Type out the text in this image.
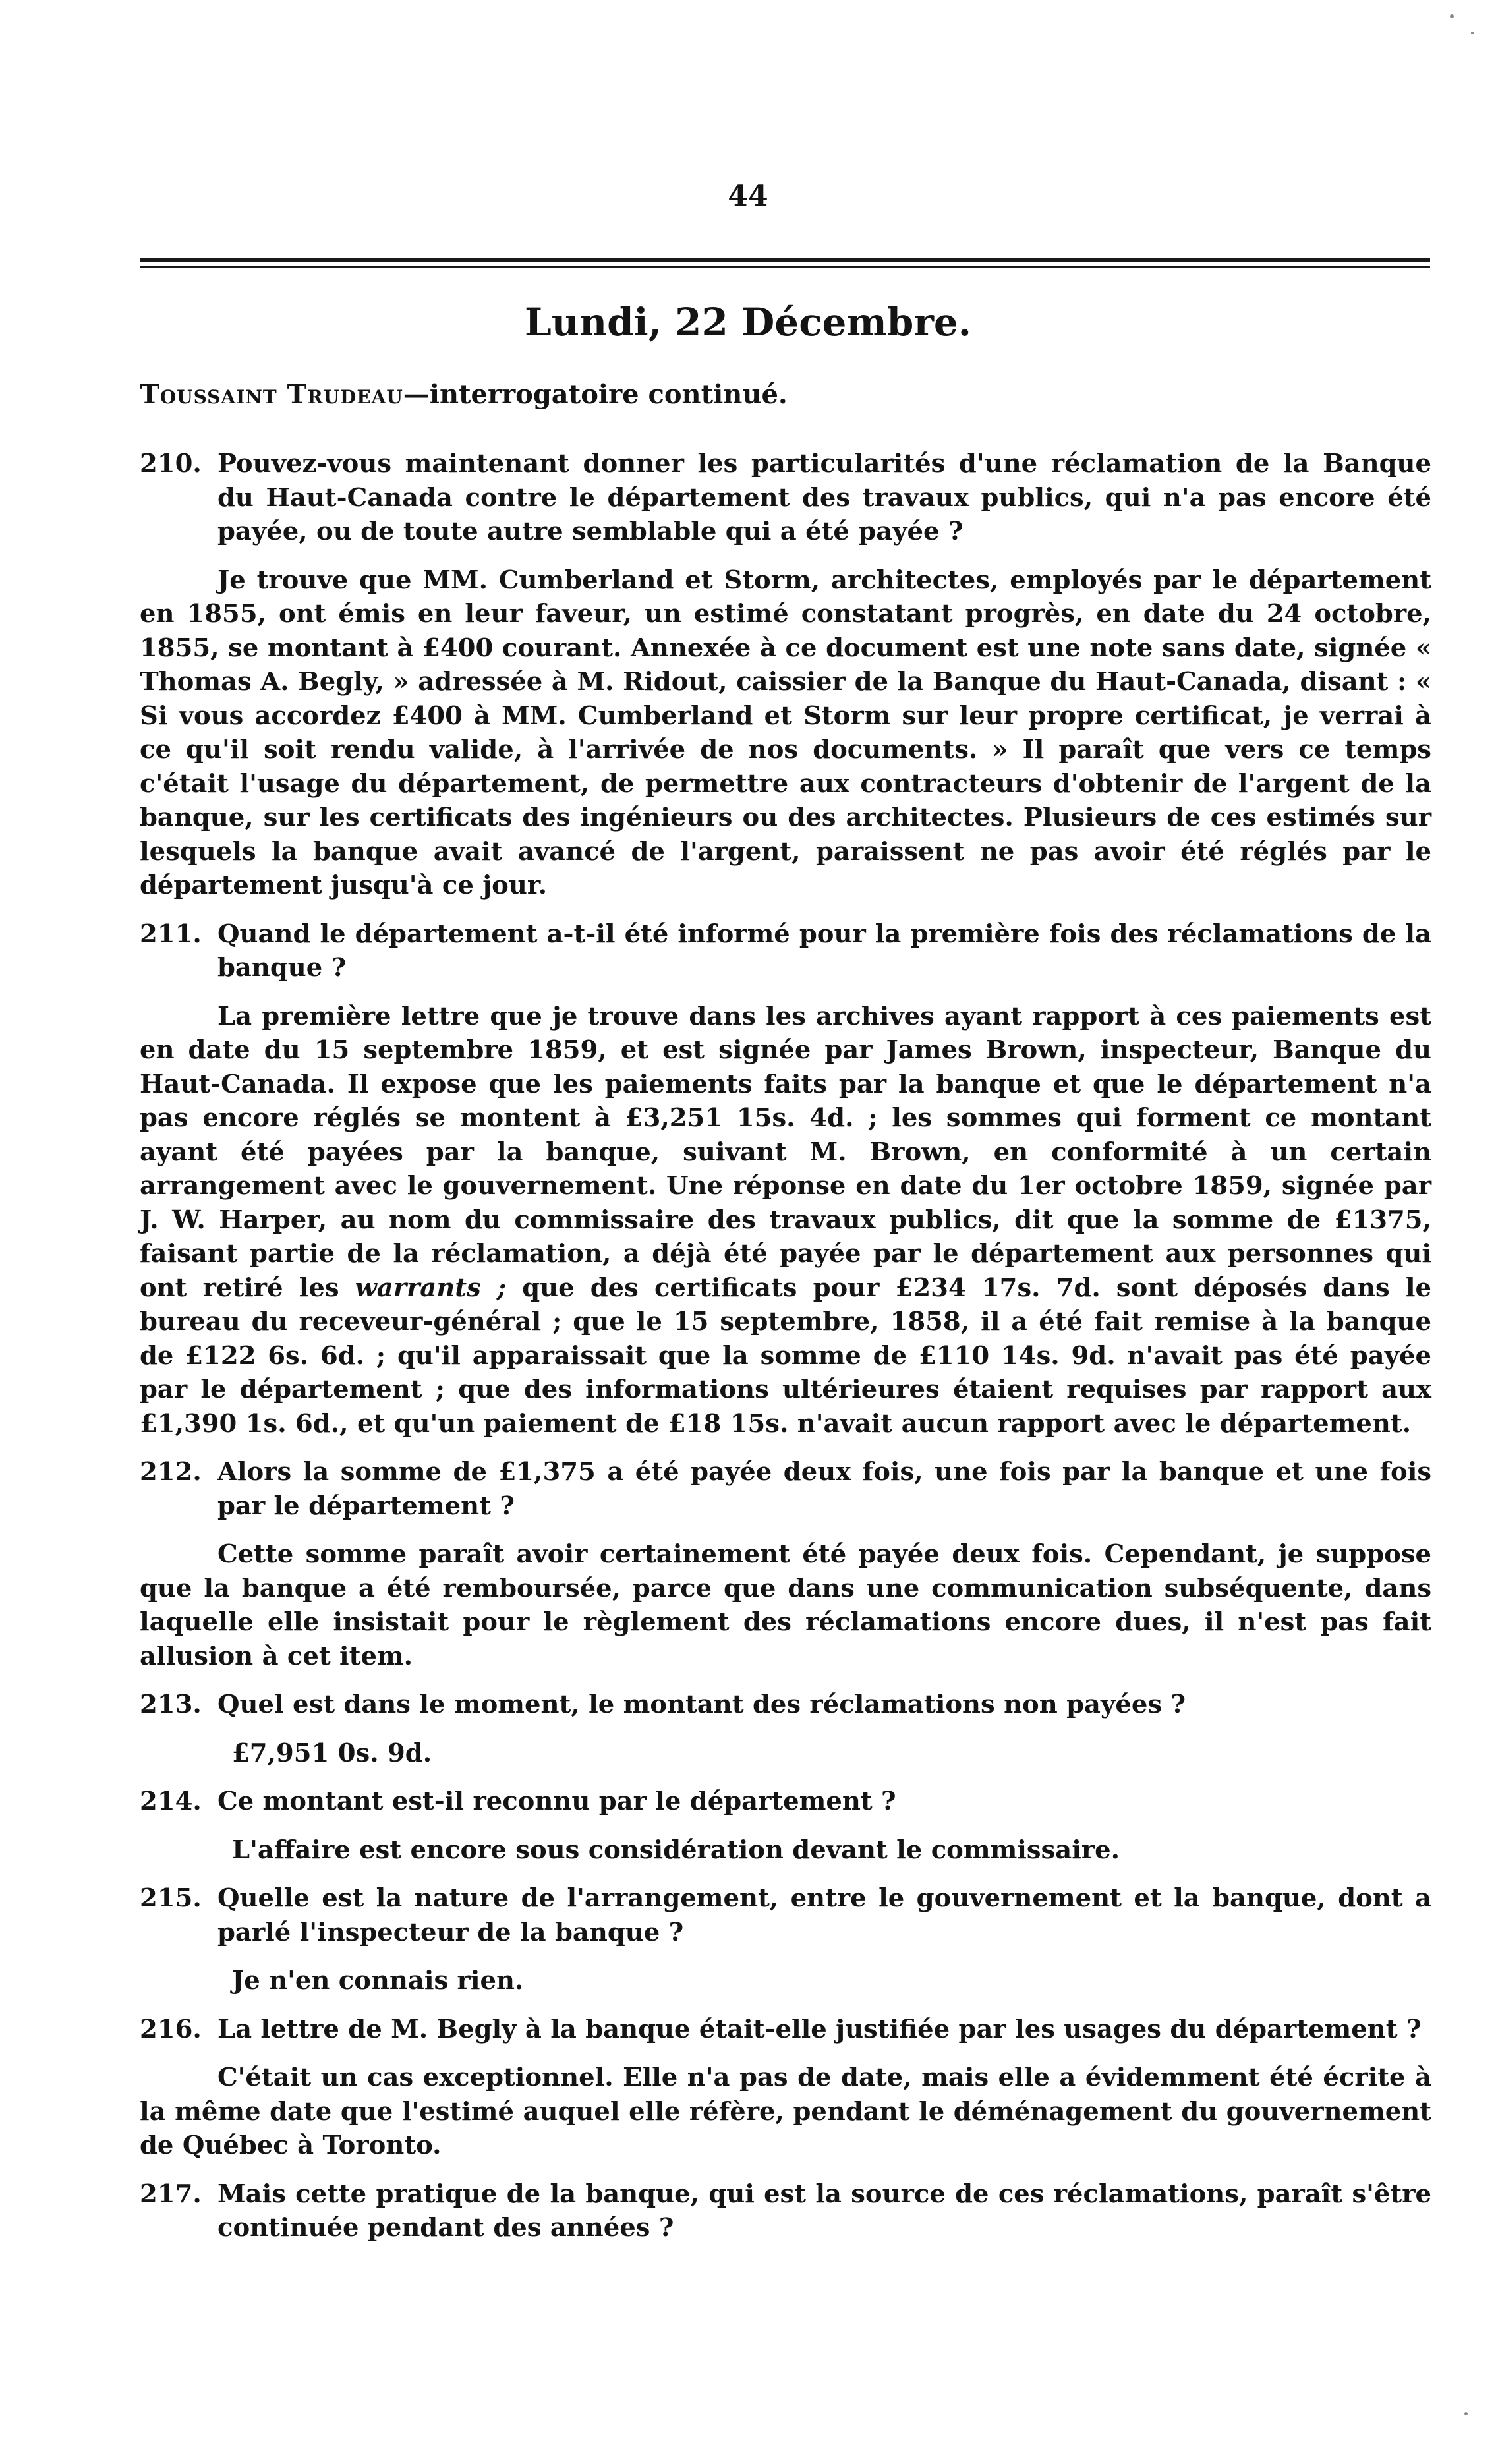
44
Lundi, 22 Décembre.
Toussaint Trudeau—interrogatoire continué.
210. Pouvez-vous maintenant donner les particularités d'une réclamation de la Banque du Haut-Canada contre le département des travaux publics, qui n'a pas encore été payée, ou de toute autre semblable qui a été payée ?

Je trouve que MM. Cumberland et Storm, architectes, employés par le département en 1855, ont émis en leur faveur, un estimé constatant progrès, en date du 24 octobre, 1855, se montant à £400 courant. Annexée à ce document est une note sans date, signée « Thomas A. Begly, » adressée à M. Ridout, caissier de la Banque du Haut-Canada, disant : « Si vous accordez £400 à MM. Cumberland et Storm sur leur propre certificat, je verrai à ce qu'il soit rendu valide, à l'arrivée de nos documents. » Il paraît que vers ce temps c'était l'usage du département, de permettre aux contracteurs d'obtenir de l'argent de la banque, sur les certificats des ingénieurs ou des architectes. Plusieurs de ces estimés sur lesquels la banque avait avancé de l'argent, paraissent ne pas avoir été réglés par le département jusqu'à ce jour.

211. Quand le département a-t-il été informé pour la première fois des réclamations de la banque ?

La première lettre que je trouve dans les archives ayant rapport à ces paiements est en date du 15 septembre 1859, et est signée par James Brown, inspecteur, Banque du Haut-Canada. Il expose que les paiements faits par la banque et que le département n'a pas encore réglés se montent à £3,251 15s. 4d. ; les sommes qui forment ce montant ayant été payées par la banque, suivant M. Brown, en conformité à un certain arrangement avec le gouvernement. Une réponse en date du 1er octobre 1859, signée par J. W. Harper, au nom du commissaire des travaux publics, dit que la somme de £1375, faisant partie de la réclamation, a déjà été payée par le département aux personnes qui ont retiré les warrants ; que des certificats pour £234 17s. 7d. sont déposés dans le bureau du receveur-général ; que le 15 septembre, 1858, il a été fait remise à la banque de £122 6s. 6d. ; qu'il apparaissait que la somme de £110 14s. 9d. n'avait pas été payée par le département ; que des informations ultérieures étaient requises par rapport aux £1,390 1s. 6d., et qu'un paiement de £18 15s. n'avait aucun rapport avec le département.

212. Alors la somme de £1,375 a été payée deux fois, une fois par la banque et une fois par le département ?

Cette somme paraît avoir certainement été payée deux fois. Cependant, je suppose que la banque a été remboursée, parce que dans une communication subséquente, dans laquelle elle insistait pour le règlement des réclamations encore dues, il n'est pas fait allusion à cet item.

213. Quel est dans le moment, le montant des réclamations non payées ?

£7,951 0s. 9d.

214. Ce montant est-il reconnu par le département ?

L'affaire est encore sous considération devant le commissaire.

215. Quelle est la nature de l'arrangement, entre le gouvernement et la banque, dont a parlé l'inspecteur de la banque ?

Je n'en connais rien.

216. La lettre de M. Begly à la banque était-elle justifiée par les usages du département ?

C'était un cas exceptionnel. Elle n'a pas de date, mais elle a évidemment été écrite à la même date que l'estimé auquel elle réfère, pendant le déménagement du gouvernement de Québec à Toronto.

217. Mais cette pratique de la banque, qui est la source de ces réclamations, paraît s'être continuée pendant des années ?
